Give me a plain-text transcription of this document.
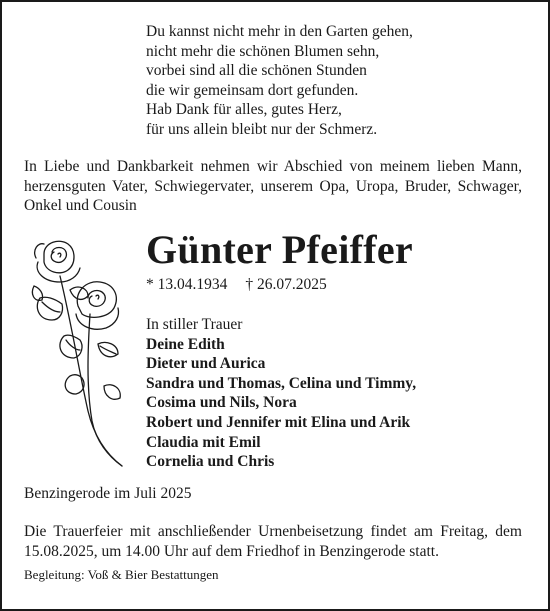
Du kannst nicht mehr in den Garten gehen,
nicht mehr die schönen Blumen sehn,
vorbei sind all die schönen Stunden
die wir gemeinsam dort gefunden.
Hab Dank für alles, gutes Herz,
für uns allein bleibt nur der Schmerz.
In Liebe und Dankbarkeit nehmen wir Abschied von meinem lieben Mann, herzensguten Vater, Schwiegervater, unserem Opa, Uropa, Bruder, Schwager, Onkel und Cousin
Günter Pfeiffer
* 13.04.1934 † 26.07.2025
In stiller Trauer
Deine Edith
Dieter und Aurica
Sandra und Thomas, Celina und Timmy,
Cosima und Nils, Nora
Robert und Jennifer mit Elina und Arik
Claudia mit Emil
Cornelia und Chris
Benzingerode im Juli 2025
Die Trauerfeier mit anschließender Urnenbeisetzung findet am Freitag, dem 15.08.2025, um 14.00 Uhr auf dem Friedhof in Benzingerode statt.
Begleitung: Voß & Bier Bestattungen
